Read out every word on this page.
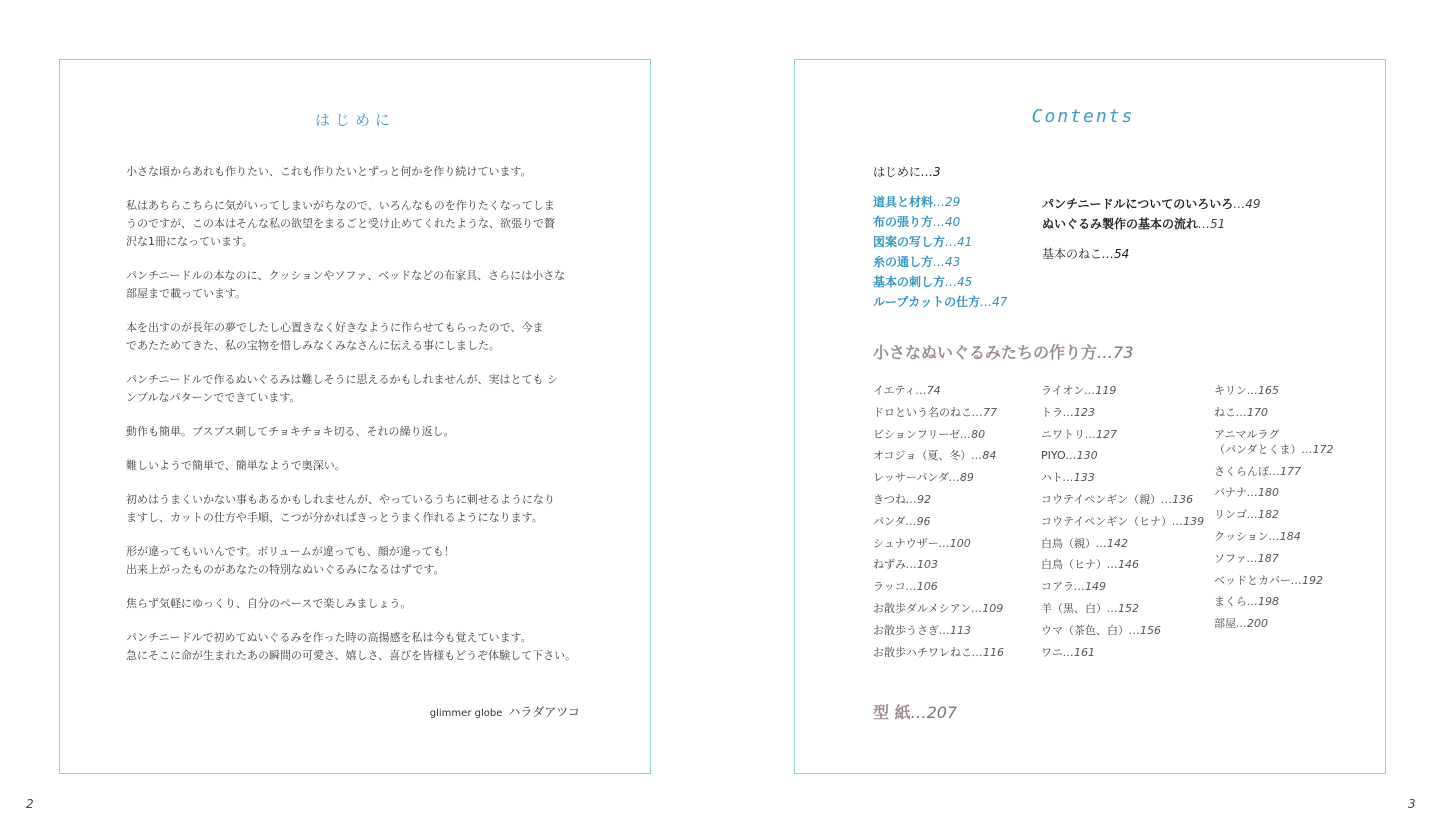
はじめに

小さな頃からあれも作りたい、これも作りたいとずっと何かを作り続けています。

私はあちらこちらに気がいってしまいがちなので、いろんなものを作りたくなってしま
うのですが、この本はそんな私の欲望をまるごと受け止めてくれたような、欲張りで贅
沢な1冊になっています。

パンチニードルの本なのに、クッションやソファ、ベッドなどの布家具、さらには小さな
部屋まで載っています。

本を出すのが長年の夢でしたし心置きなく好きなように作らせてもらったので、今ま
であたためてきた、私の宝物を惜しみなくみなさんに伝える事にしました。

パンチニードルで作るぬいぐるみは難しそうに思えるかもしれませんが、実はとても シ
ンプルなパターンでできています。

動作も簡単。ブスブス刺してチョキチョキ切る、それの繰り返し。

難しいようで簡単で、簡単なようで奥深い。

初めはうまくいかない事もあるかもしれませんが、やっているうちに刺せるようになり
ますし、カットの仕方や手順、こつが分かればきっとうまく作れるようになります。

形が違ってもいいんです。ボリュームが違っても、顔が違っても！
出来上がったものがあなたの特別なぬいぐるみになるはずです。

焦らず気軽にゆっくり、自分のペースで楽しみましょう。

パンチニードルで初めてぬいぐるみを作った時の高揚感を私は今も覚えています。
急にそこに命が生まれたあの瞬間の可愛さ、嬉しさ、喜びを皆様もどうぞ体験して下さい。

glimmer globe ハラダアツコ
2
Contents
はじめに…3
道具と材料…29
布の張り方…40
図案の写し方…41
糸の通し方…43
基本の刺し方…45
ループカットの仕方…47
パンチニードルについてのいろいろ…49
ぬいぐるみ製作の基本の流れ…51
基本のねこ…54
小さなぬいぐるみたちの作り方…73
イエティ…74
ドロという名のねこ…77
ビションフリーゼ…80
オコジョ（夏、冬）…84
レッサーパンダ…89
きつね…92
パンダ…96
シュナウザー…100
ねずみ…103
ラッコ…106
お散歩ダルメシアン…109
お散歩うさぎ…113
お散歩ハチワレねこ…116
ライオン…119
トラ…123
ニワトリ…127
PIYO…130
ハト…133
コウテイペンギン（親）…136
コウテイペンギン（ヒナ）…139
白鳥（親）…142
白鳥（ヒナ）…146
コアラ…149
羊（黒、白）…152
ウマ（茶色、白）…156
ワニ…161
キリン…165
ねこ…170
アニマルラグ
（パンダとくま）…172
さくらんぼ…177
バナナ…180
リンゴ…182
クッション…184
ソファ…187
ベッドとカバー…192
まくら…198
部屋…200
型 紙…207
3
